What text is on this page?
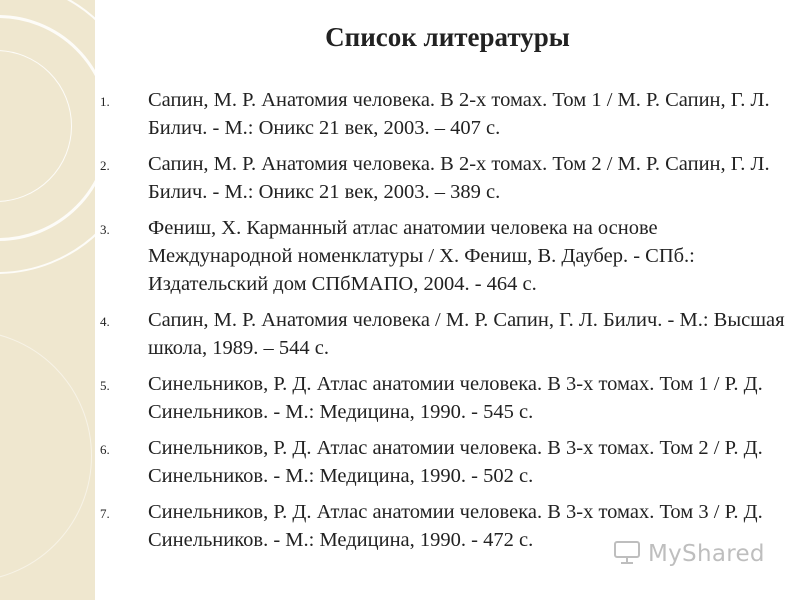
Список литературы
1.	Сапин, М. Р. Анатомия человека. В 2-х томах. Том 1 / М. Р. Сапин, Г. Л. Билич. - М.: Оникс 21 век, 2003. – 407 с.
2.	Сапин, М. Р. Анатомия человека. В 2-х томах. Том 2 / М. Р. Сапин, Г. Л. Билич. - М.: Оникс 21 век, 2003. – 389 с.
3.	Фениш, Х. Карманный атлас анатомии человека на основе Международной номенклатуры / Х. Фениш, В. Даубер. - СПб.: Издательский дом СПбМАПО, 2004. - 464 с.
4.	Сапин, М. Р. Анатомия человека / М. Р. Сапин, Г. Л. Билич. - М.: Высшая школа, 1989. – 544 с.
5.	Синельников, Р. Д. Атлас анатомии человека. В 3-х томах. Том 1 / Р. Д. Синельников. - М.: Медицина, 1990. - 545 с.
6.	Синельников, Р. Д. Атлас анатомии человека. В 3-х томах. Том 2 / Р. Д. Синельников. - М.: Медицина, 1990. - 502 с.
7.	Синельников, Р. Д. Атлас анатомии человека. В 3-х томах. Том 3 / Р. Д. Синельников. - М.: Медицина, 1990. - 472 с.
MyShared
